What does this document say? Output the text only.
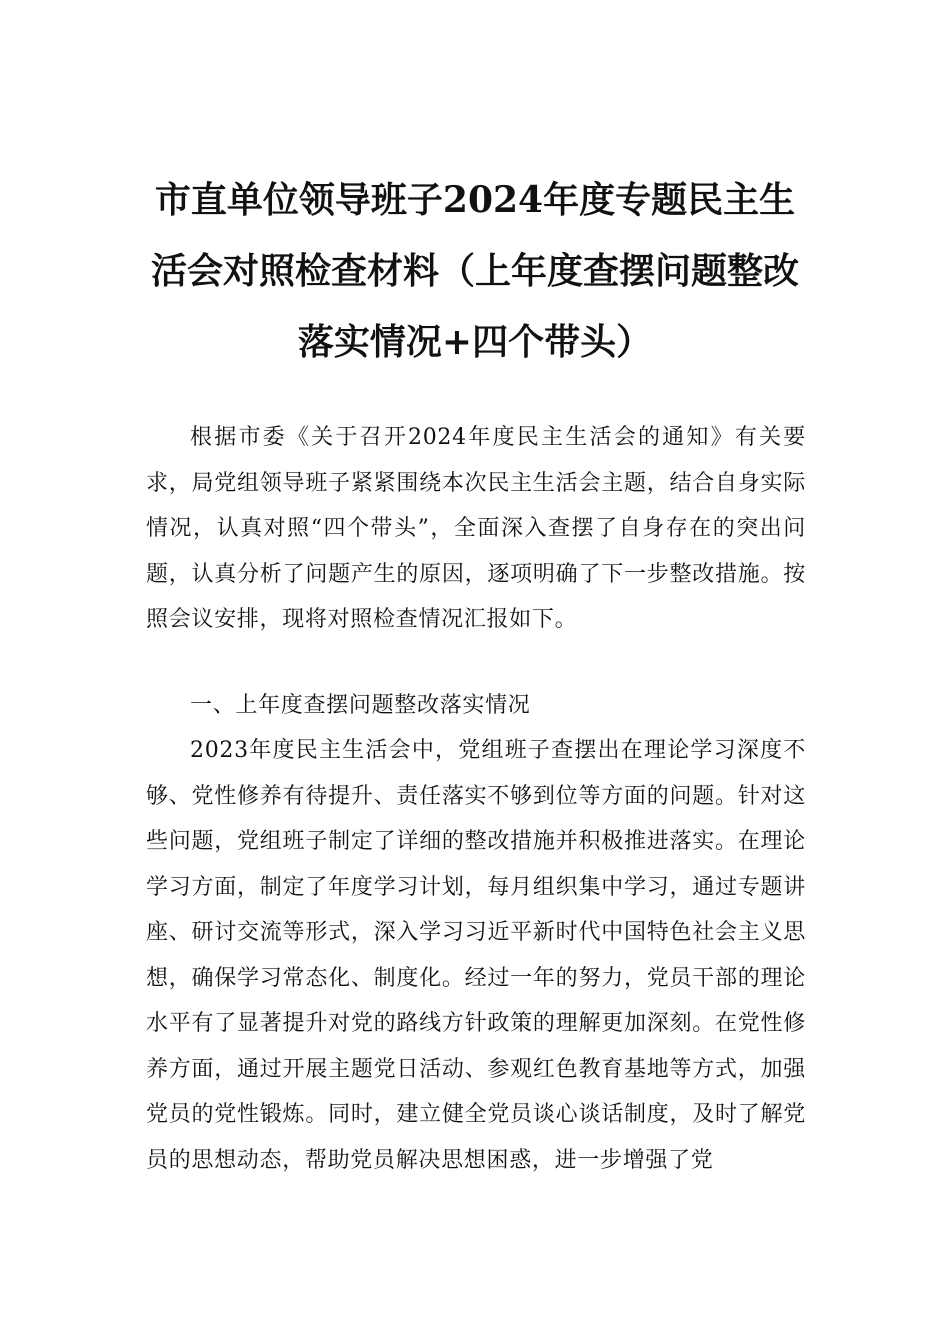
市直单位领导班子2024年度专题民主生活会对照检查材料（上年度查摆问题整改落实情况+四个带头）

根据市委《关于召开2024年度民主生活会的通知》有关要求，局党组领导班子紧紧围绕本次民主生活会主题，结合自身实际情况，认真对照“四个带头”，全面深入查摆了自身存在的突出问题，认真分析了问题产生的原因，逐项明确了下一步整改措施。按照会议安排，现将对照检查情况汇报如下。

一、上年度查摆问题整改落实情况

2023年度民主生活会中，党组班子查摆出在理论学习深度不够、党性修养有待提升、责任落实不够到位等方面的问题。针对这些问题，党组班子制定了详细的整改措施并积极推进落实。在理论学习方面，制定了年度学习计划，每月组织集中学习，通过专题讲座、研讨交流等形式，深入学习习近平新时代中国特色社会主义思想，确保学习常态化、制度化。经过一年的努力，党员干部的理论水平有了显著提升对党的路线方针政策的理解更加深刻。在党性修养方面，通过开展主题党日活动、参观红色教育基地等方式，加强党员的党性锻炼。同时，建立健全党员谈心谈话制度，及时了解党员的思想动态，帮助党员解决思想困惑，进一步增强了党
